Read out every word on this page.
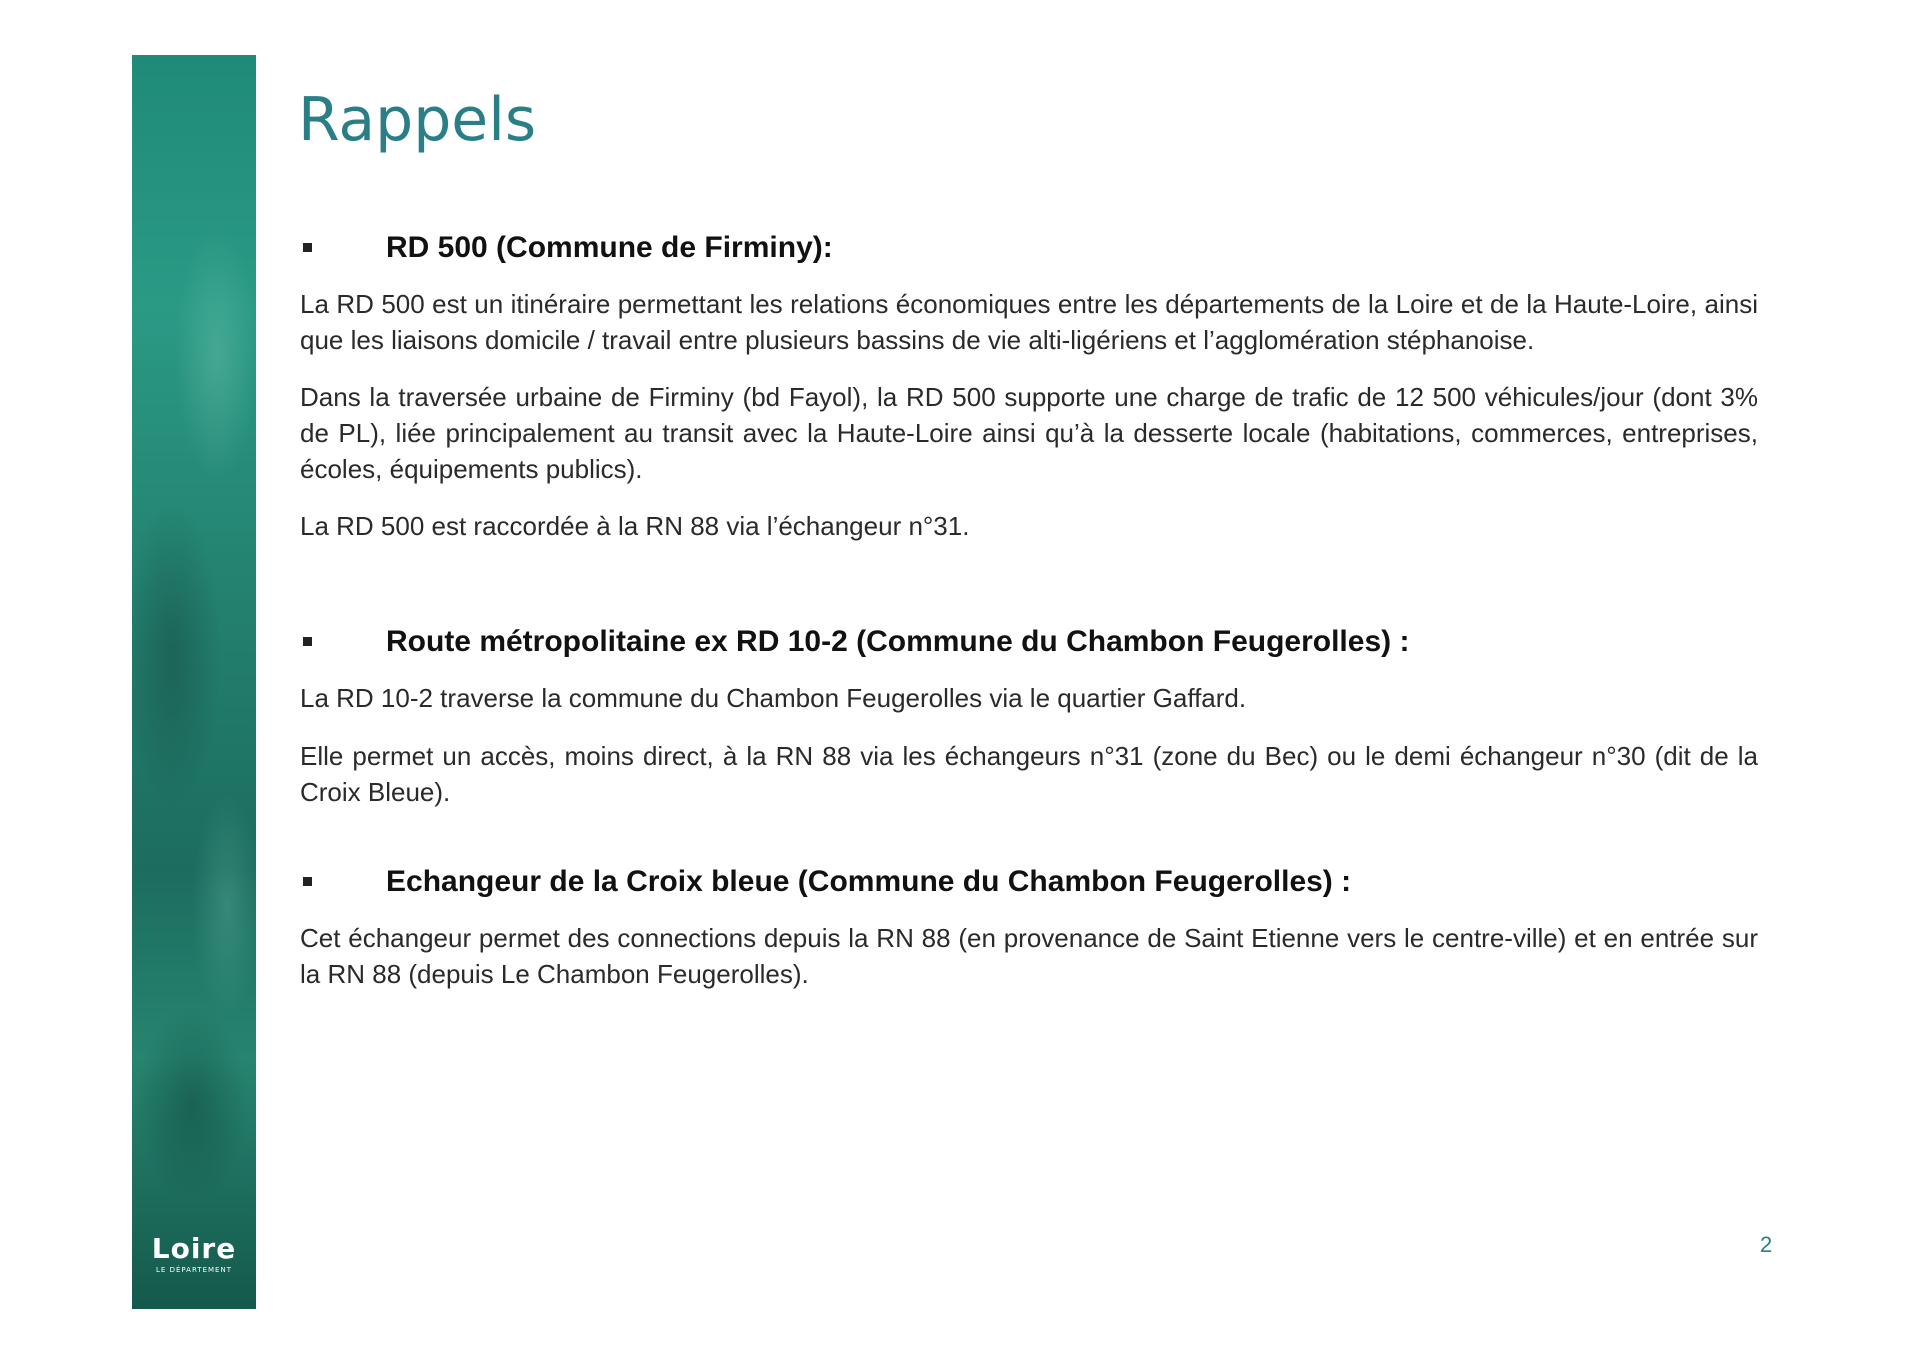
Loire
LE DÉPARTEMENT
Rappels
RD 500 (Commune de Firminy):

La RD 500 est un itinéraire permettant les relations économiques entre les départements de la Loire et de la Haute-Loire, ainsi que les liaisons domicile / travail entre plusieurs bassins de vie alti-ligériens et l’agglomération stéphanoise.

Dans la traversée urbaine de Firminy (bd Fayol), la RD 500 supporte une charge de trafic de 12 500 véhicules/jour (dont 3% de PL), liée principalement au transit avec la Haute-Loire ainsi qu’à la desserte locale (habitations, commerces, entreprises, écoles, équipements publics).

La RD 500 est raccordée à la RN 88 via l’échangeur n°31.

Route métropolitaine ex RD 10-2 (Commune du Chambon Feugerolles) :

La RD 10-2 traverse la commune du Chambon Feugerolles via le quartier Gaffard.

Elle permet un accès, moins direct, à la RN 88 via les échangeurs n°31 (zone du Bec) ou le demi échangeur n°30 (dit de la Croix Bleue).

Echangeur de la Croix bleue (Commune du Chambon Feugerolles) :

Cet échangeur permet des connections depuis la RN 88 (en provenance de Saint Etienne vers le centre-ville) et en entrée sur la RN 88 (depuis Le Chambon Feugerolles).

2
